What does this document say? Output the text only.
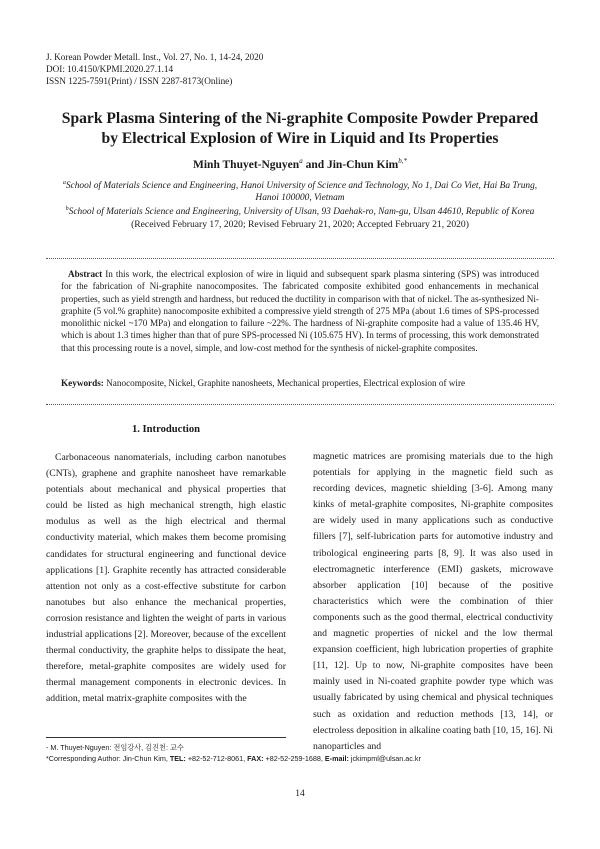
J. Korean Powder Metall. Inst., Vol. 27, No. 1, 14-24, 2020
DOI: 10.4150/KPMI.2020.27.1.14
ISSN 1225-7591(Print) / ISSN 2287-8173(Online)
Spark Plasma Sintering of the Ni-graphite Composite Powder Prepared
by Electrical Explosion of Wire in Liquid and Its Properties
Minh Thuyet-Nguyen$^a$ and Jin-Chun Kim$^{b,*}$
$^a$School of Materials Science and Engineering, Hanoi University of Science and Technology, No 1, Dai Co Viet, Hai Ba Trung,
Hanoi 100000, Vietnam
$^b$School of Materials Science and Engineering, University of Ulsan, 93 Daehak-ro, Nam-gu, Ulsan 44610, Republic of Korea
(Received February 17, 2020; Revised February 21, 2020; Accepted February 21, 2020)
Abstract In this work, the electrical explosion of wire in liquid and subsequent spark plasma sintering (SPS) was introduced for the fabrication of Ni-graphite nanocomposites. The fabricated composite exhibited good enhancements in mechanical properties, such as yield strength and hardness, but reduced the ductility in comparison with that of nickel. The as-synthesized Ni-graphite (5 vol.% graphite) nanocomposite exhibited a compressive yield strength of 275 MPa (about 1.6 times of SPS-processed monolithic nickel ~170 MPa) and elongation to failure ~22%. The hardness of Ni-graphite composite had a value of 135.46 HV, which is about 1.3 times higher than that of pure SPS-processed Ni (105.675 HV). In terms of processing, this work demonstrated that this processing route is a novel, simple, and low-cost method for the synthesis of nickel-graphite composites.
Keywords: Nanocomposite, Nickel, Graphite nanosheets, Mechanical properties, Electrical explosion of wire
1. Introduction

Carbonaceous nanomaterials, including carbon nanotubes (CNTs), graphene and graphite nanosheet have remarkable potentials about mechanical and physical properties that could be listed as high mechanical strength, high elastic modulus as well as the high electrical and thermal conductivity material, which makes them become promising candidates for structural engineering and functional device applications [1]. Graphite recently has attracted considerable attention not only as a cost-effective substitute for carbon nanotubes but also enhance the mechanical properties, corrosion resistance and lighten the weight of parts in various industrial applications [2]. Moreover, because of the excellent thermal conductivity, the graphite helps to dissipate the heat, therefore, metal-graphite composites are widely used for thermal management components in electronic devices. In addition, metal matrix-graphite composites with the

magnetic matrices are promising materials due to the high potentials for applying in the magnetic field such as recording devices, magnetic shielding [3-6]. Among many kinks of metal-graphite composites, Ni-graphite composites are widely used in many applications such as conductive fillers [7], self-lubrication parts for automotive industry and tribological engineering parts [8, 9]. It was also used in electromagnetic interference (EMI) gaskets, microwave absorber application [10] because of the positive characteristics which were the combination of thier components such as the good thermal, electrical conductivity and magnetic properties of nickel and the low thermal expansion coefficient, high lubrication properties of graphite [11, 12]. Up to now, Ni-graphite composites have been mainly used in Ni-coated graphite powder type which was usually fabricated by using chemical and physical techniques such as oxidation and reduction methods [13, 14], or electroless deposition in alkaline coating bath [10, 15, 16]. Ni nanoparticles and

- M. Thuyet-Nguyen: 전임강사, 김진천: 교수
*Corresponding Author: Jin-Chun Kim, TEL: +82-52-712-8061, FAX: +82-52-259-1688, E-mail: jckimpml@ulsan.ac.kr
14
